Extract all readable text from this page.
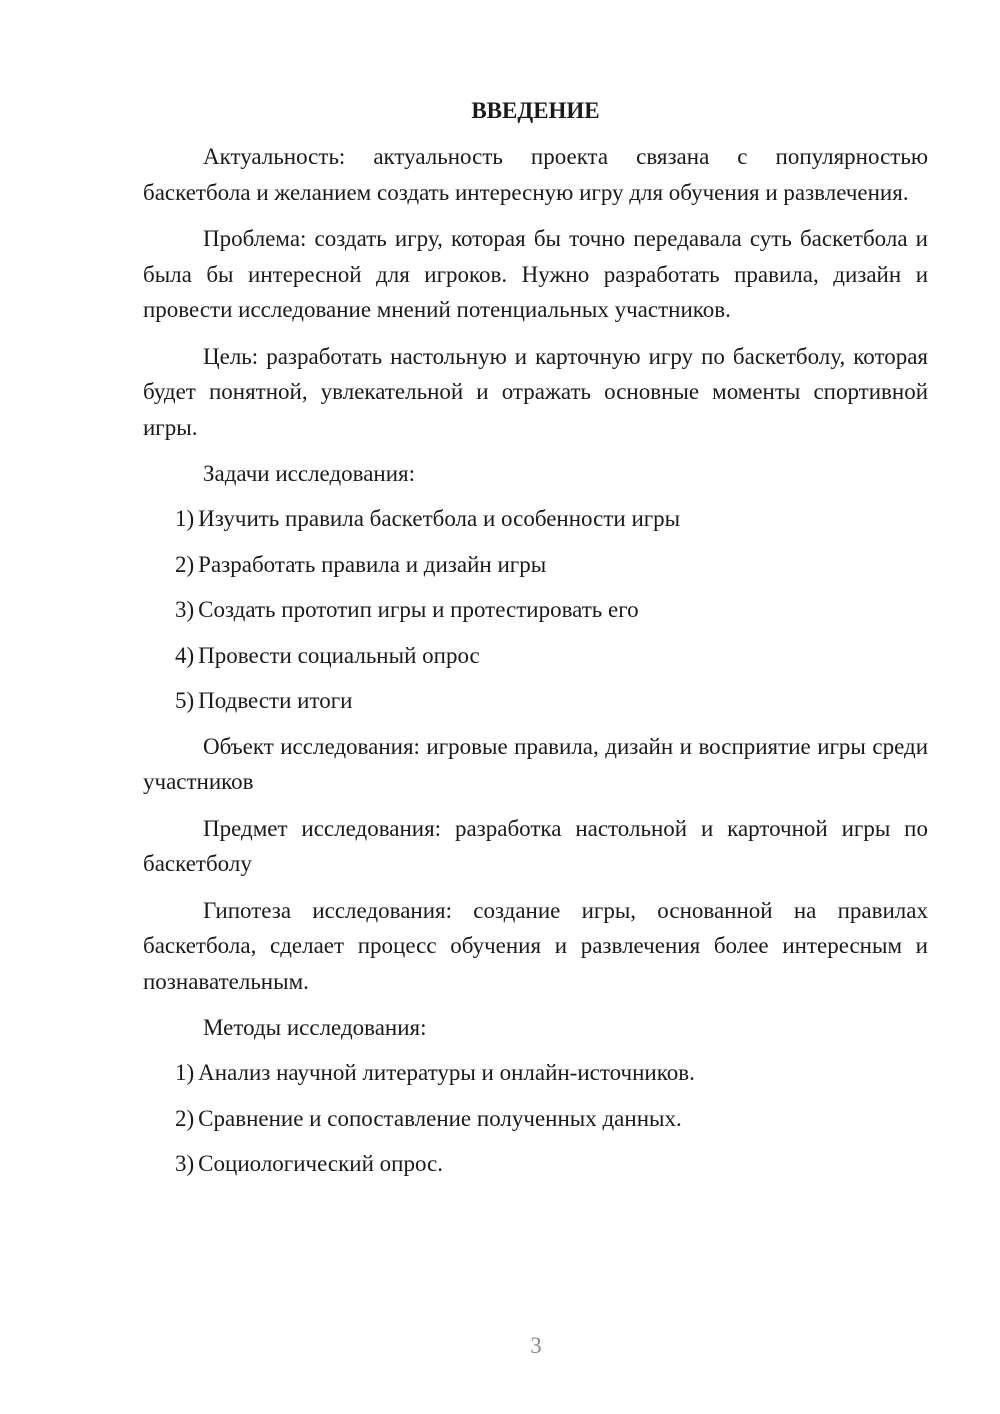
ВВЕДЕНИЕ

Актуальность: актуальность проекта связана с популярностью баскетбола и желанием создать интересную игру для обучения и развлечения.

Проблема: создать игру, которая бы точно передавала суть баскетбола и была бы интересной для игроков. Нужно разработать правила, дизайн и провести исследование мнений потенциальных участников.

Цель: разработать настольную и карточную игру по баскетболу, которая будет понятной, увлекательной и отражать основные моменты спортивной игры.

Задачи исследования:
1) Изучить правила баскетбола и особенности игры
2) Разработать правила и дизайн игры
3) Создать прототип игры и протестировать его
4) Провести социальный опрос
5) Подвести итоги

Объект исследования: игровые правила, дизайн и восприятие игры среди участников

Предмет исследования: разработка настольной и карточной игры по баскетболу

Гипотеза исследования: создание игры, основанной на правилах баскетбола, сделает процесс обучения и развлечения более интересным и познавательным.

Методы исследования:
1) Анализ научной литературы и онлайн-источников.
2) Сравнение и сопоставление полученных данных.
3) Социологический опрос.
3
